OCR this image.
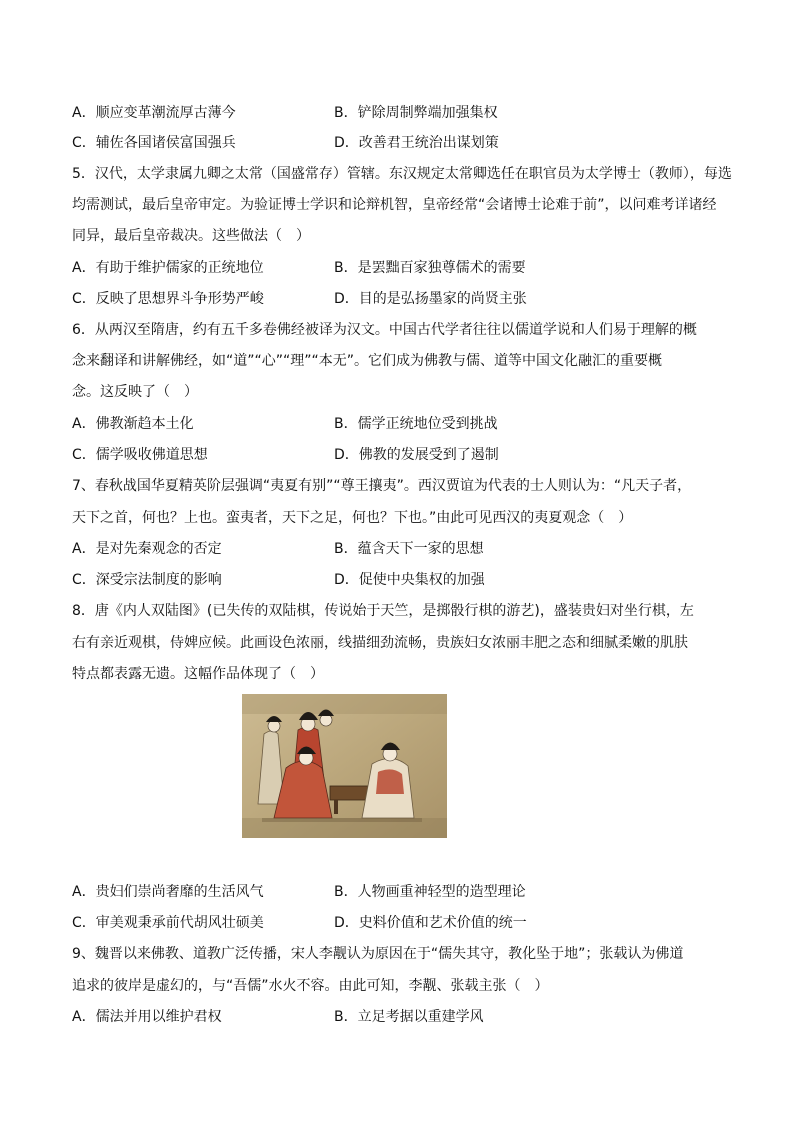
A．顺应变革潮流厚古薄今	B．铲除周制弊端加强集权
C．辅佐各国诸侯富国强兵	D．改善君王统治出谋划策
5．汉代，太学隶属九卿之太常（国盛常存）管辖。东汉规定太常卿选任在职官员为太学博士（教师），每选
均需测试，最后皇帝审定。为验证博士学识和论辩机智，皇帝经常“会诸博士论难于前”，以问难考详诸经
同异，最后皇帝裁决。这些做法（　）
A．有助于维护儒家的正统地位	B．是罢黜百家独尊儒术的需要
C．反映了思想界斗争形势严峻	D．目的是弘扬墨家的尚贤主张
6．从两汉至隋唐，约有五千多卷佛经被译为汉文。中国古代学者往往以儒道学说和人们易于理解的概
念来翻译和讲解佛经，如“道”“心”“理”“本无”。它们成为佛教与儒、道等中国文化融汇的重要概
念。这反映了（　）
A．佛教渐趋本土化	B．儒学正统地位受到挑战
C．儒学吸收佛道思想	D．佛教的发展受到了遏制
7、春秋战国华夏精英阶层强调“夷夏有别”“尊王攘夷”。西汉贾谊为代表的士人则认为：“凡天子者，
天下之首，何也？上也。蛮夷者，天下之足，何也？下也。”由此可见西汉的夷夏观念（　）
A．是对先秦观念的否定	B．蕴含天下一家的思想
C．深受宗法制度的影响	D．促使中央集权的加强
8．唐《内人双陆图》(已失传的双陆棋，传说始于天竺，是掷骰行棋的游艺)，盛装贵妇对坐行棋，左
右有亲近观棋，侍婢应候。此画设色浓丽，线描细劲流畅，贵族妇女浓丽丰肥之态和细腻柔嫩的肌肤
特点都表露无遗。这幅作品体现了（　）
A．贵妇们崇尚奢靡的生活风气	B．人物画重神轻型的造型理论
C．审美观秉承前代胡风壮硕美	D．史料价值和艺术价值的统一
9、魏晋以来佛教、道教广泛传播，宋人李觏认为原因在于“儒失其守，教化坠于地”；张载认为佛道
追求的彼岸是虚幻的，与“吾儒”水火不容。由此可知，李觏、张载主张（　）
A．儒法并用以维护君权	B．立足考据以重建学风
